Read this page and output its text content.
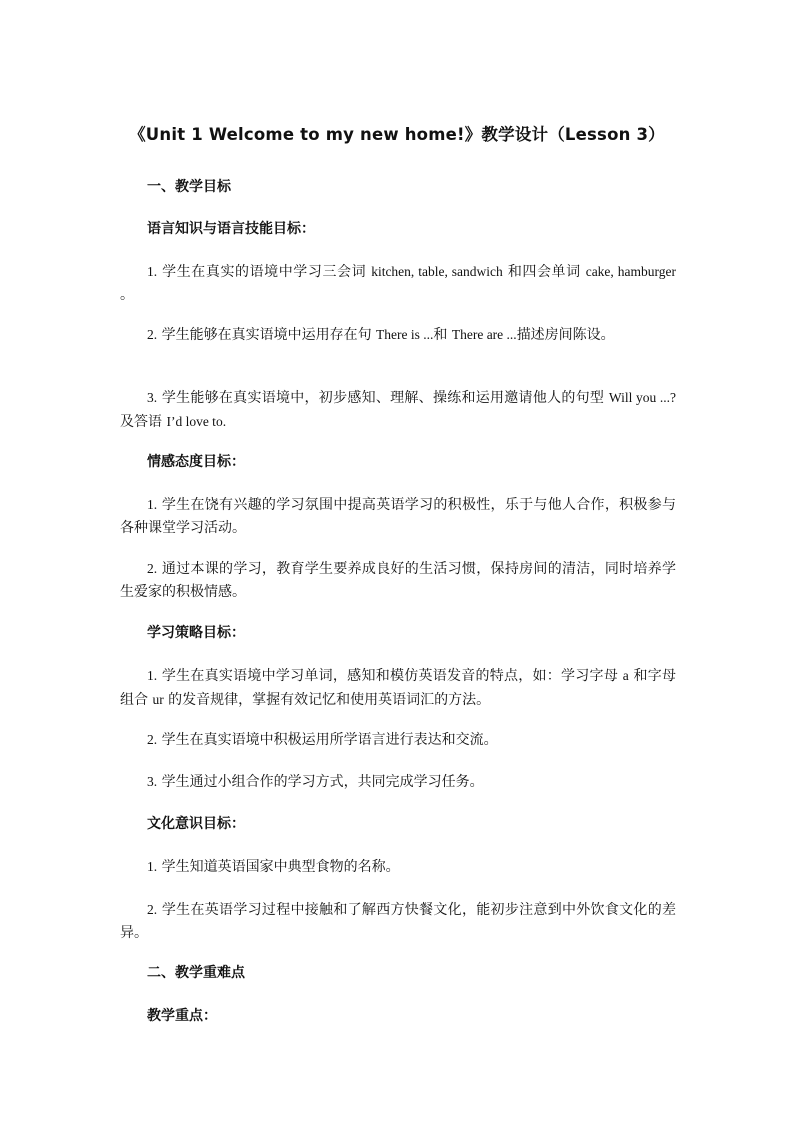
《Unit 1 Welcome to my new home!》教学设计（Lesson 3）
一、教学目标
语言知识与语言技能目标：

1. 学生在真实的语境中学习三会词 kitchen, table, sandwich 和四会单词 cake, hamburger 。

2. 学生能够在真实语境中运用存在句 There is ...和 There are ...描述房间陈设。

3. 学生能够在真实语境中，初步感知、理解、操练和运用邀请他人的句型 Will you ...?及答语 I’d love to.

情感态度目标：

1. 学生在饶有兴趣的学习氛围中提高英语学习的积极性，乐于与他人合作，积极参与各种课堂学习活动。

2. 通过本课的学习，教育学生要养成良好的生活习惯，保持房间的清洁，同时培养学生爱家的积极情感。

学习策略目标：

1. 学生在真实语境中学习单词，感知和模仿英语发音的特点，如：学习字母 a 和字母组合 ur 的发音规律，掌握有效记忆和使用英语词汇的方法。

2. 学生在真实语境中积极运用所学语言进行表达和交流。

3. 学生通过小组合作的学习方式，共同完成学习任务。

文化意识目标：

1. 学生知道英语国家中典型食物的名称。

2. 学生在英语学习过程中接触和了解西方快餐文化，能初步注意到中外饮食文化的差异。

二、教学重难点
教学重点：
